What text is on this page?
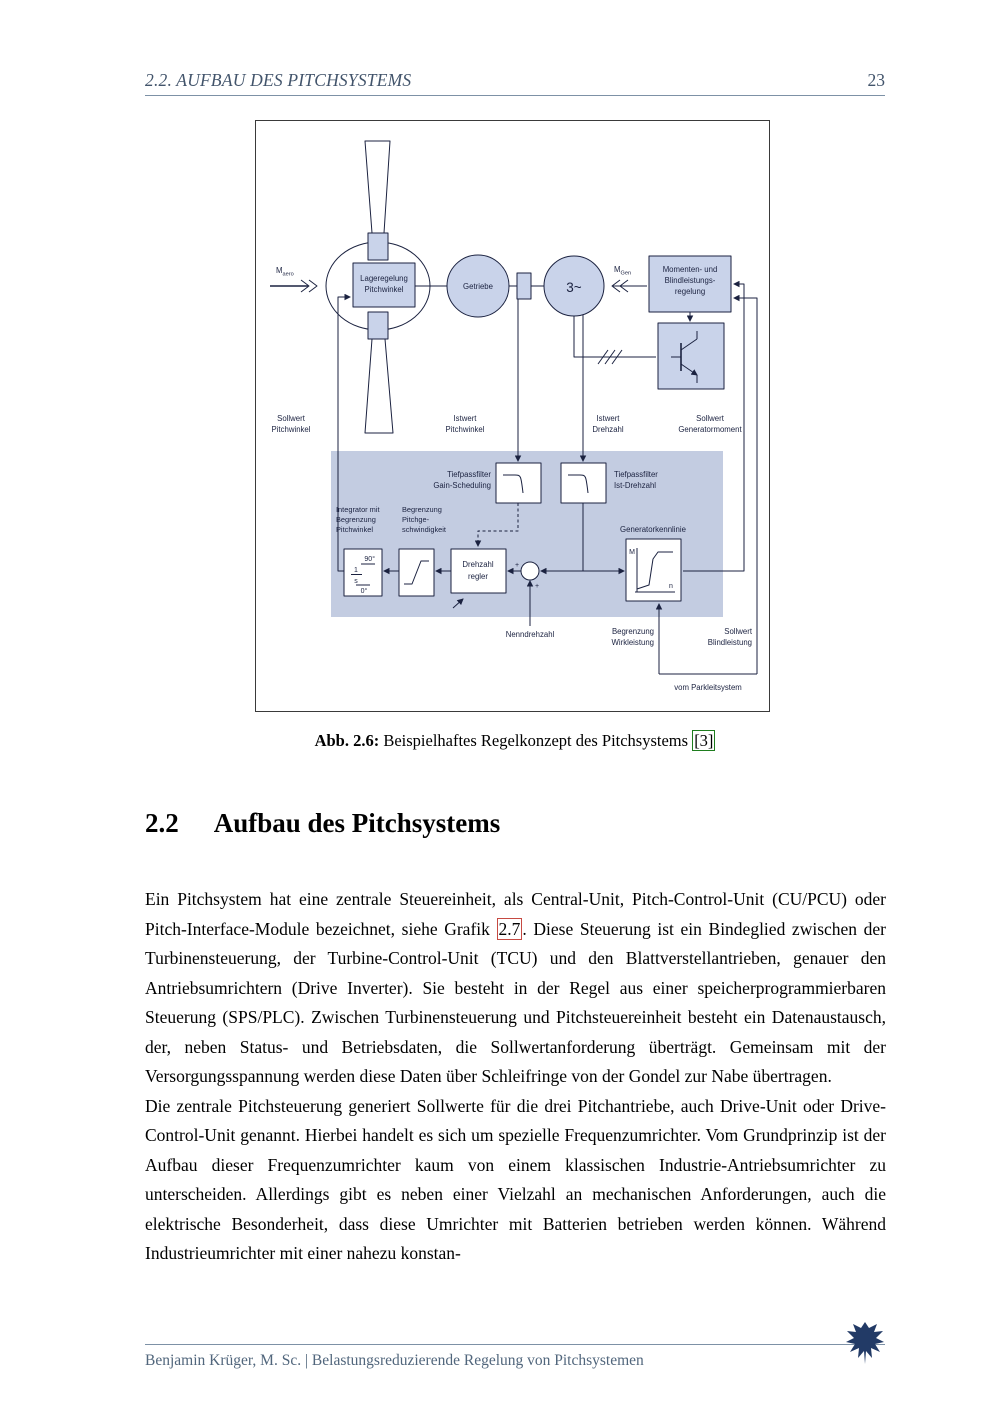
2.2. AUFBAU DES PITCHSYSTEMS	23
$M_{aero}$	Lageregelung
Pitchwinkel	Getriebe	3~
$M_{Gen}$	Momenten- und
Blindleistungs-
regelung
Sollwert
Pitchwinkel
Istwert
Pitchwinkel
Istwert
Drehzahl
Sollwert
Generatormoment
Tiefpassfilter
Gain-Scheduling
Tiefpassfilter
Ist-Drehzahl
Integrator mit
Begrenzung
Pitchwinkel
Begrenzung
Pitchge-
schwindigkeit
90°
1
s
0°
Drehzahl
regler
+
+
Generatorkennlinie
M
n
Nenndrehzahl	Begrenzung
Wirkleistung
Sollwert
Blindleistung
vom Parkleitsystem
Abb. 2.6: Beispielhaftes Regelkonzept des Pitchsystems [3]
2.2 Aufbau des Pitchsystems

Ein Pitchsystem hat eine zentrale Steuereinheit, als Central-Unit, Pitch-Control-Unit (CU/PCU) oder Pitch-Interface-Module bezeichnet, siehe Grafik 2.7 . Diese Steuerung ist ein Bindeglied zwischen der Turbinensteuerung, der Turbine-Control-Unit (TCU) und den Blattverstellantrieben, genauer den Antriebsumrichtern (Drive Inverter). Sie besteht in der Regel aus einer speicherprogrammierbaren Steuerung (SPS/PLC). Zwischen Turbinensteuerung und Pitchsteuereinheit besteht ein Datenaustausch, der, neben Status- und Betriebsdaten, die Sollwertanforderung überträgt. Gemeinsam mit der Versorgungsspannung werden diese Daten über Schleifringe von der Gondel zur Nabe übertragen.

Die zentrale Pitchsteuerung generiert Sollwerte für die drei Pitchantriebe, auch Drive-Unit oder Drive-Control-Unit genannt. Hierbei handelt es sich um spezielle Frequenzumrichter. Vom Grundprinzip ist der Aufbau dieser Frequenzumrichter kaum von einem klassischen Industrie-Antriebsumrichter zu unterscheiden. Allerdings gibt es neben einer Vielzahl an mechanischen Anforderungen, auch die elektrische Besonderheit, dass diese Umrichter mit Batterien betrieben werden können. Während Industrieumrichter mit einer nahezu konstan-

Benjamin Krüger, M. Sc. | Belastungsreduzierende Regelung von Pitchsystemen
